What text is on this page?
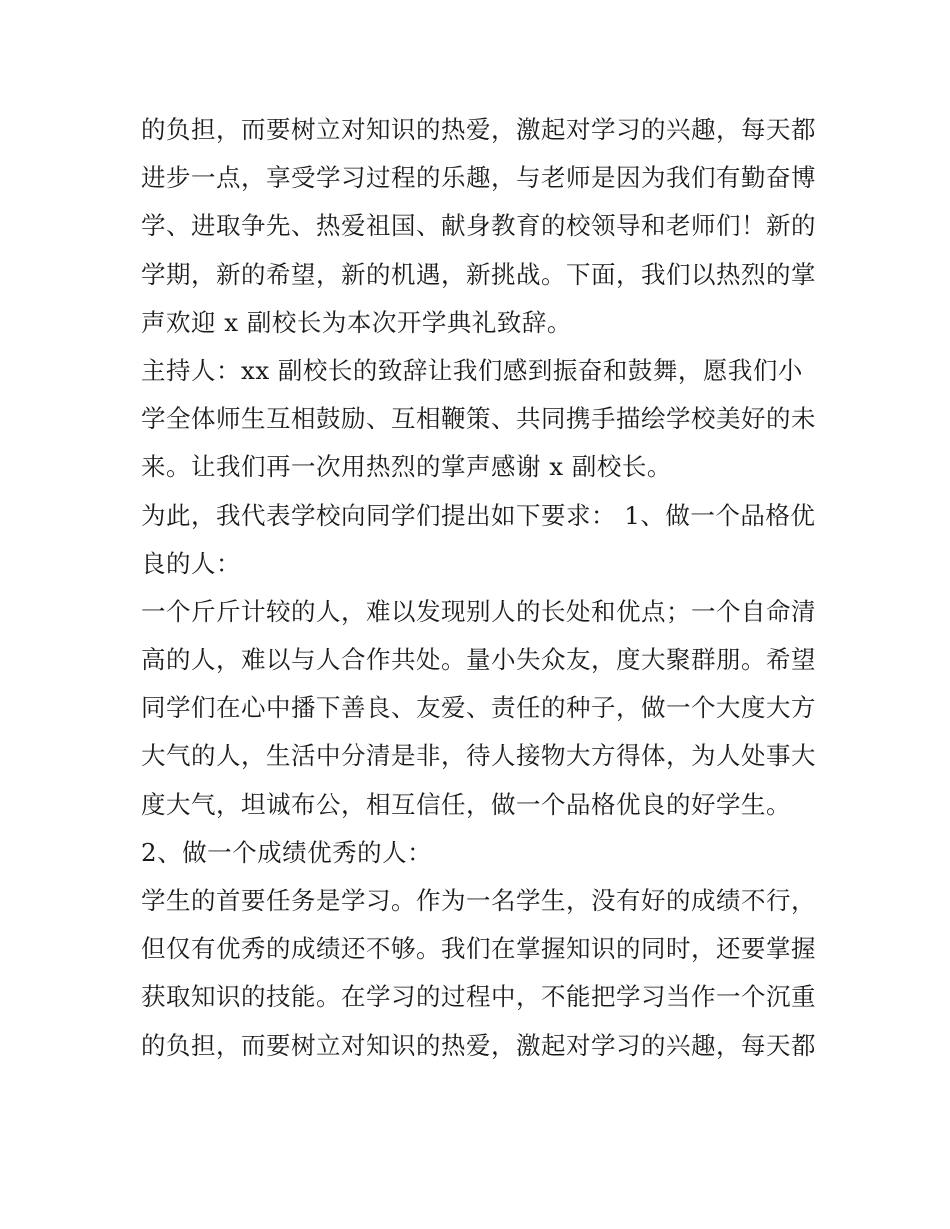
的负担，而要树立对知识的热爱，激起对学习的兴趣，每天都
进步一点，享受学习过程的乐趣，与老师是因为我们有勤奋博
学、进取争先、热爱祖国、献身教育的校领导和老师们！新的
学期，新的希望，新的机遇，新挑战。下面，我们以热烈的掌
声欢迎 x 副校长为本次开学典礼致辞。
主持人：xx 副校长的致辞让我们感到振奋和鼓舞，愿我们小
学全体师生互相鼓励、互相鞭策、共同携手描绘学校美好的未
来。让我们再一次用热烈的掌声感谢 x 副校长。
为此，我代表学校向同学们提出如下要求： 1、做一个品格优
良的人：
一个斤斤计较的人，难以发现别人的长处和优点；一个自命清
高的人，难以与人合作共处。量小失众友，度大聚群朋。希望
同学们在心中播下善良、友爱、责任的种子，做一个大度大方
大气的人，生活中分清是非，待人接物大方得体，为人处事大
度大气，坦诚布公，相互信任，做一个品格优良的好学生。
2、做一个成绩优秀的人：
学生的首要任务是学习。作为一名学生，没有好的成绩不行，
但仅有优秀的成绩还不够。我们在掌握知识的同时，还要掌握
获取知识的技能。在学习的过程中，不能把学习当作一个沉重
的负担，而要树立对知识的热爱，激起对学习的兴趣，每天都
